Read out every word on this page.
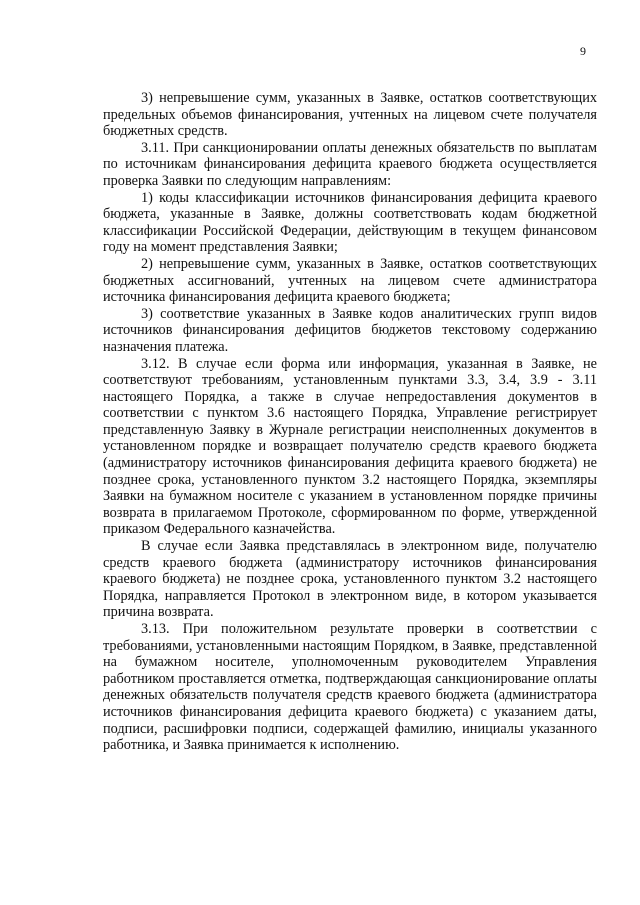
9

3) непревышение сумм, указанных в Заявке, остатков соответствующих предельных объемов финансирования, учтенных на лицевом счете получателя бюджетных средств.

3.11. При санкционировании оплаты денежных обязательств по выплатам по источникам финансирования дефицита краевого бюджета осуществляется проверка Заявки по следующим направлениям:

1) коды классификации источников финансирования дефицита краевого бюджета, указанные в Заявке, должны соответствовать кодам бюджетной классификации Российской Федерации, действующим в текущем финансовом году на момент представления Заявки;

2) непревышение сумм, указанных в Заявке, остатков соответствующих бюджетных ассигнований, учтенных на лицевом счете администратора источника финансирования дефицита краевого бюджета;

3) соответствие указанных в Заявке кодов аналитических групп видов источников финансирования дефицитов бюджетов текстовому содержанию назначения платежа.

3.12. В случае если форма или информация, указанная в Заявке, не соответствуют требованиям, установленным пунктами 3.3, 3.4, 3.9 - 3.11 настоящего Порядка, а также в случае непредоставления документов в соответствии с пунктом 3.6 настоящего Порядка, Управление регистрирует представленную Заявку в Журнале регистрации неисполненных документов в установленном порядке и возвращает получателю средств краевого бюджета (администратору источников финансирования дефицита краевого бюджета) не позднее срока, установленного пунктом 3.2 настоящего Порядка, экземпляры Заявки на бумажном носителе с указанием в установленном порядке причины возврата в прилагаемом Протоколе, сформированном по форме, утвержденной приказом Федерального казначейства.

В случае если Заявка представлялась в электронном виде, получателю средств краевого бюджета (администратору источников финансирования краевого бюджета) не позднее срока, установленного пунктом 3.2 настоящего Порядка, направляется Протокол в электронном виде, в котором указывается причина возврата.

3.13. При положительном результате проверки в соответствии с требованиями, установленными настоящим Порядком, в Заявке, представленной на бумажном носителе, уполномоченным руководителем Управления работником проставляется отметка, подтверждающая санкционирование оплаты денежных обязательств получателя средств краевого бюджета (администратора источников финансирования дефицита краевого бюджета) с указанием даты, подписи, расшифровки подписи, содержащей фамилию, инициалы указанного работника, и Заявка принимается к исполнению.
